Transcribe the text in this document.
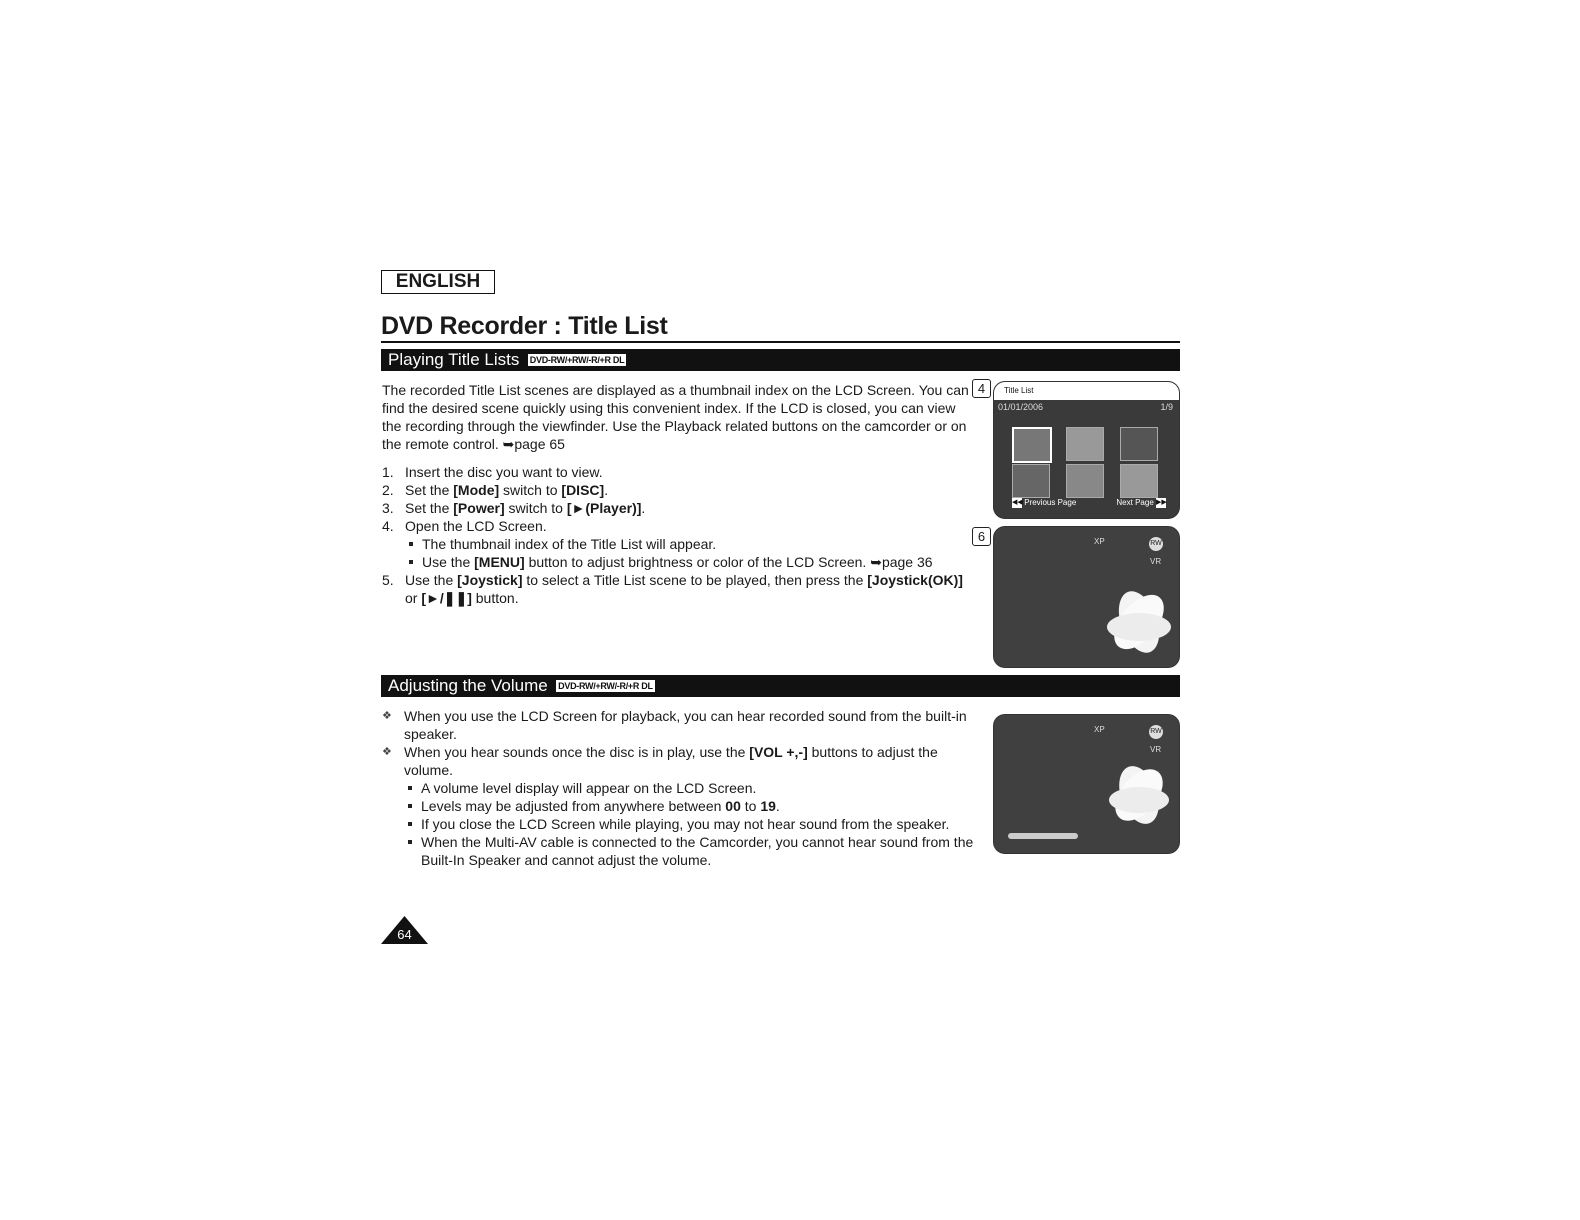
ENGLISH
DVD Recorder : Title List
Playing Title Lists DVD-RW/+RW/-R/+R DL

The recorded Title List scenes are displayed as a thumbnail index on the LCD Screen. You can find the desired scene quickly using this convenient index. If the LCD is closed, you can view the recording through the viewfinder. Use the Playback related buttons on the camcorder or on the remote control. ➥page 65

1. Insert the disc you want to view.
2. Set the [Mode] switch to [DISC].
3. Set the [Power] switch to [►(Player)].
4. Open the LCD Screen.
The thumbnail index of the Title List will appear.
Use the [MENU] button to adjust brightness or color of the LCD Screen. ➥page 36
5. Use the [Joystick] to select a Title List scene to be played, then press the [Joystick(OK)] or [►/❚❚] button.
4
6
Title List
01/01/2006	1/9
◀◀ Previous Page	Next Page ▶▶
XP	RW
VR
Adjusting the Volume DVD-RW/+RW/-R/+R DL
❖ When you use the LCD Screen for playback, you can hear recorded sound from the built-in speaker.
❖ When you hear sounds once the disc is in play, use the [VOL +,-] buttons to adjust the volume.
A volume level display will appear on the LCD Screen.
Levels may be adjusted from anywhere between 00 to 19.
If you close the LCD Screen while playing, you may not hear sound from the speaker.
When the Multi-AV cable is connected to the Camcorder, you cannot hear sound from the Built-In Speaker and cannot adjust the volume.
XP	RW
VR
64
